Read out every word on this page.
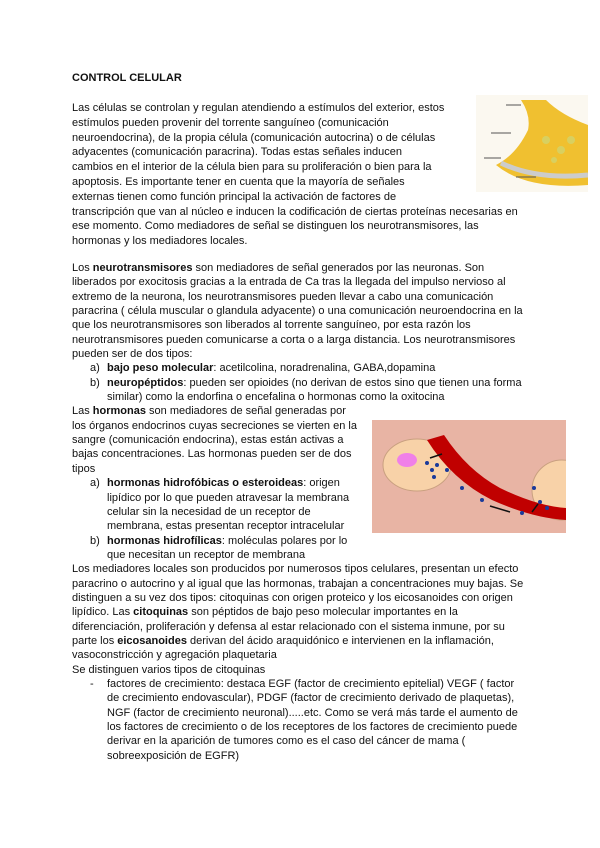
CONTROL CELULAR
Las células se controlan y regulan atendiendo a estímulos del exterior, estos
estímulos pueden provenir del torrente sanguíneo (comunicación
neuroendocrina), de la propia célula (comunicación autocrina) o de células
adyacentes (comunicación paracrina). Todas estas señales inducen
cambios en el interior de la célula bien para su proliferación o bien para la
apoptosis. Es importante tener en cuenta que la mayoría de señales
externas tienen como función principal la activación de factores de
transcripción que van al núcleo e inducen la codificación de ciertas proteínas necesarias en
ese momento. Como mediadores de señal se distinguen los neurotransmisores, las
hormonas y los mediadores locales.
Los neurotransmisores son mediadores de señal generados por las neuronas. Son
liberados por exocitosis gracias a la entrada de Ca tras la llegada del impulso nervioso al
extremo de la neurona, los neurotransmisores pueden llevar a cabo una comunicación
paracrina ( célula muscular o glandula adyacente) o una comunicación neuroendocrina en la
que los neurotransmisores son liberados al torrente sanguíneo, por esta razón los
neurotransmisores pueden comunicarse a corta o a larga distancia. Los neurotransmisores
pueden ser de dos tipos:
a) bajo peso molecular: acetilcolina, noradrenalina, GABA,dopamina
b) neuropéptidos: pueden ser opioides (no derivan de estos sino que tienen una forma
similar) como la endorfina o encefalina o hormonas como la oxitocina
Las hormonas son mediadores de señal generadas por
los órganos endocrinos cuyas secreciones se vierten en la
sangre (comunicación endocrina), estas están activas a
bajas concentraciones. Las hormonas pueden ser de dos
tipos
a) hormonas hidrofóbicas o esteroideas: origen
lipídico por lo que pueden atravesar la membrana
celular sin la necesidad de un receptor de
membrana, estas presentan receptor intracelular
b) hormonas hidrofílicas: moléculas polares por lo
que necesitan un receptor de membrana
Los mediadores locales son producidos por numerosos tipos celulares, presentan un efecto
paracrino o autocrino y al igual que las hormonas, trabajan a concentraciones muy bajas. Se
distinguen a su vez dos tipos: citoquinas con origen proteico y los eicosanoides con origen
lipídico. Las citoquinas son péptidos de bajo peso molecular importantes en la
diferenciación, proliferación y defensa al estar relacionado con el sistema inmune, por su
parte los eicosanoides derivan del ácido araquidónico e intervienen en la inflamación,
vasoconstricción y agregación plaquetaria
Se distinguen varios tipos de citoquinas
- factores de crecimiento: destaca EGF (factor de crecimiento epitelial) VEGF ( factor
de crecimiento endovascular), PDGF (factor de crecimiento derivado de plaquetas),
NGF (factor de crecimiento neuronal).....etc. Como se verá más tarde el aumento de
los factores de crecimiento o de los receptores de los factores de crecimiento puede
derivar en la aparición de tumores como es el caso del cáncer de mama (
sobreexposición de EGFR)
